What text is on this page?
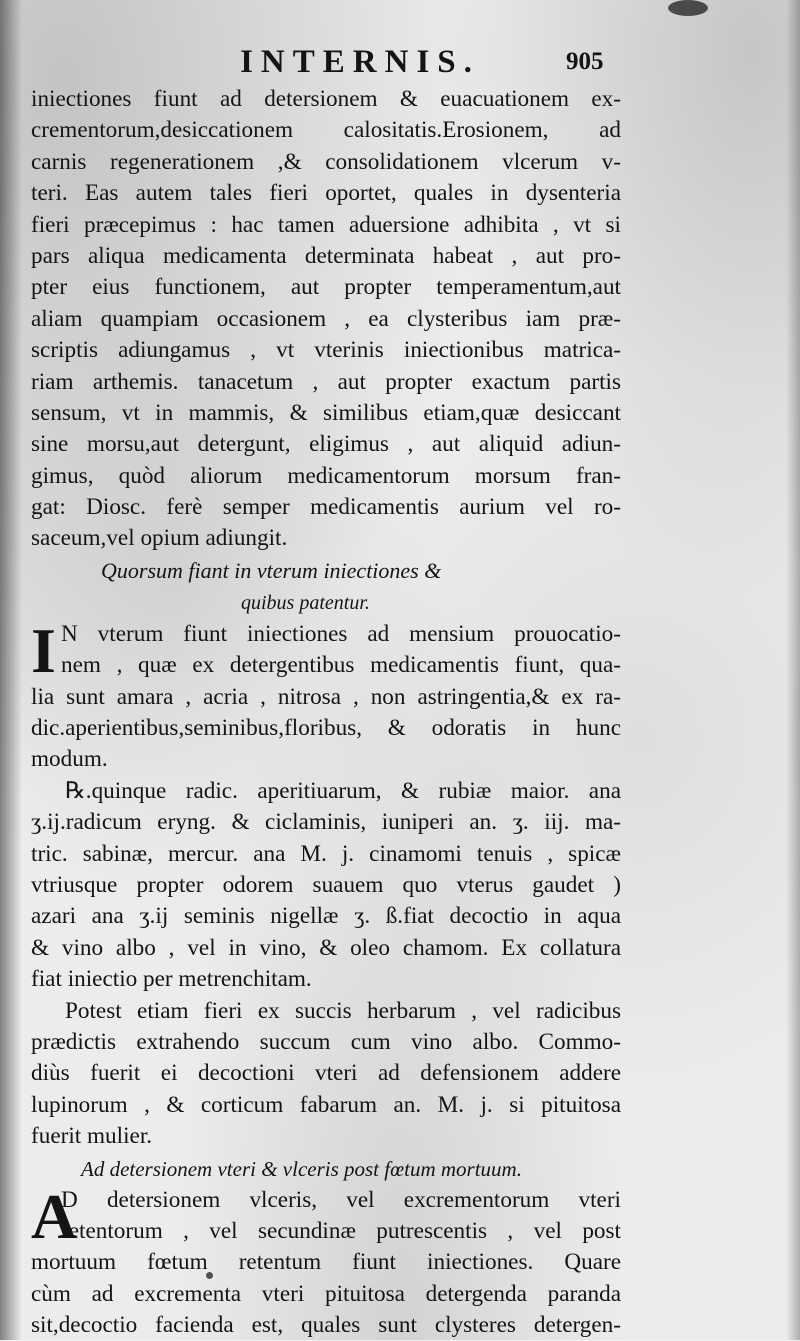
INTERNIS.	905
iniectiones fiunt ad detersionem & euacuationem ex-
crementorum,desiccationem calositatis.Erosionem, ad
carnis regenerationem ,& consolidationem vlcerum v-
teri. Eas autem tales fieri oportet, quales in dysenteria
fieri præcepimus : hac tamen aduersione adhibita , vt si
pars aliqua medicamenta determinata habeat , aut pro-
pter eius functionem, aut propter temperamentum,aut
aliam quampiam occasionem , ea clysteribus iam præ-
scriptis adiungamus , vt vterinis iniectionibus matrica-
riam arthemis. tanacetum , aut propter exactum partis
sensum, vt in mammis, & similibus etiam,quæ desiccant
sine morsu,aut detergunt, eligimus , aut aliquid adiun-
gimus, quòd aliorum medicamentorum morsum fran-
gat: Diosc. ferè semper medicamentis aurium vel ro-
saceum,vel opium adiungit.
Quorsum fiant in vterum iniectiones &
quibus patentur.
I N vterum fiunt iniectiones ad mensium prouocatio-
nem , quæ ex detergentibus medicamentis fiunt, qua-
lia sunt amara , acria , nitrosa , non astringentia,& ex ra-
dic.aperientibus,seminibus,floribus, & odoratis in hunc
modum.
℞.quinque radic. aperitiuarum, & rubiæ maior. ana
ʒ.ij.radicum eryng. & ciclaminis, iuniperi an. ʒ. iij. ma-
tric. sabinæ, mercur. ana M. j. cinamomi tenuis , spicæ
vtriusque propter odorem suauem quo vterus gaudet )
azari ana ʒ.ij seminis nigellæ ʒ. ß.fiat decoctio in aqua
& vino albo , vel in vino, & oleo chamom. Ex collatura
fiat iniectio per metrenchitam.
Potest etiam fieri ex succis herbarum , vel radicibus
prædictis extrahendo succum cum vino albo. Commo-
diùs fuerit ei decoctioni vteri ad defensionem addere
lupinorum , & corticum fabarum an. M. j. si pituitosa
fuerit mulier.
Ad detersionem vteri & vlceris post fœtum mortuum.
A
D detersionem vlceris, vel excrementorum vteri
retentorum , vel secundinæ putrescentis , vel post
mortuum fœtum retentum fiunt iniectiones. Quare
cùm ad excrementa vteri pituitosa detergenda paranda
sit,decoctio facienda est, quales sunt clysteres detergen-
